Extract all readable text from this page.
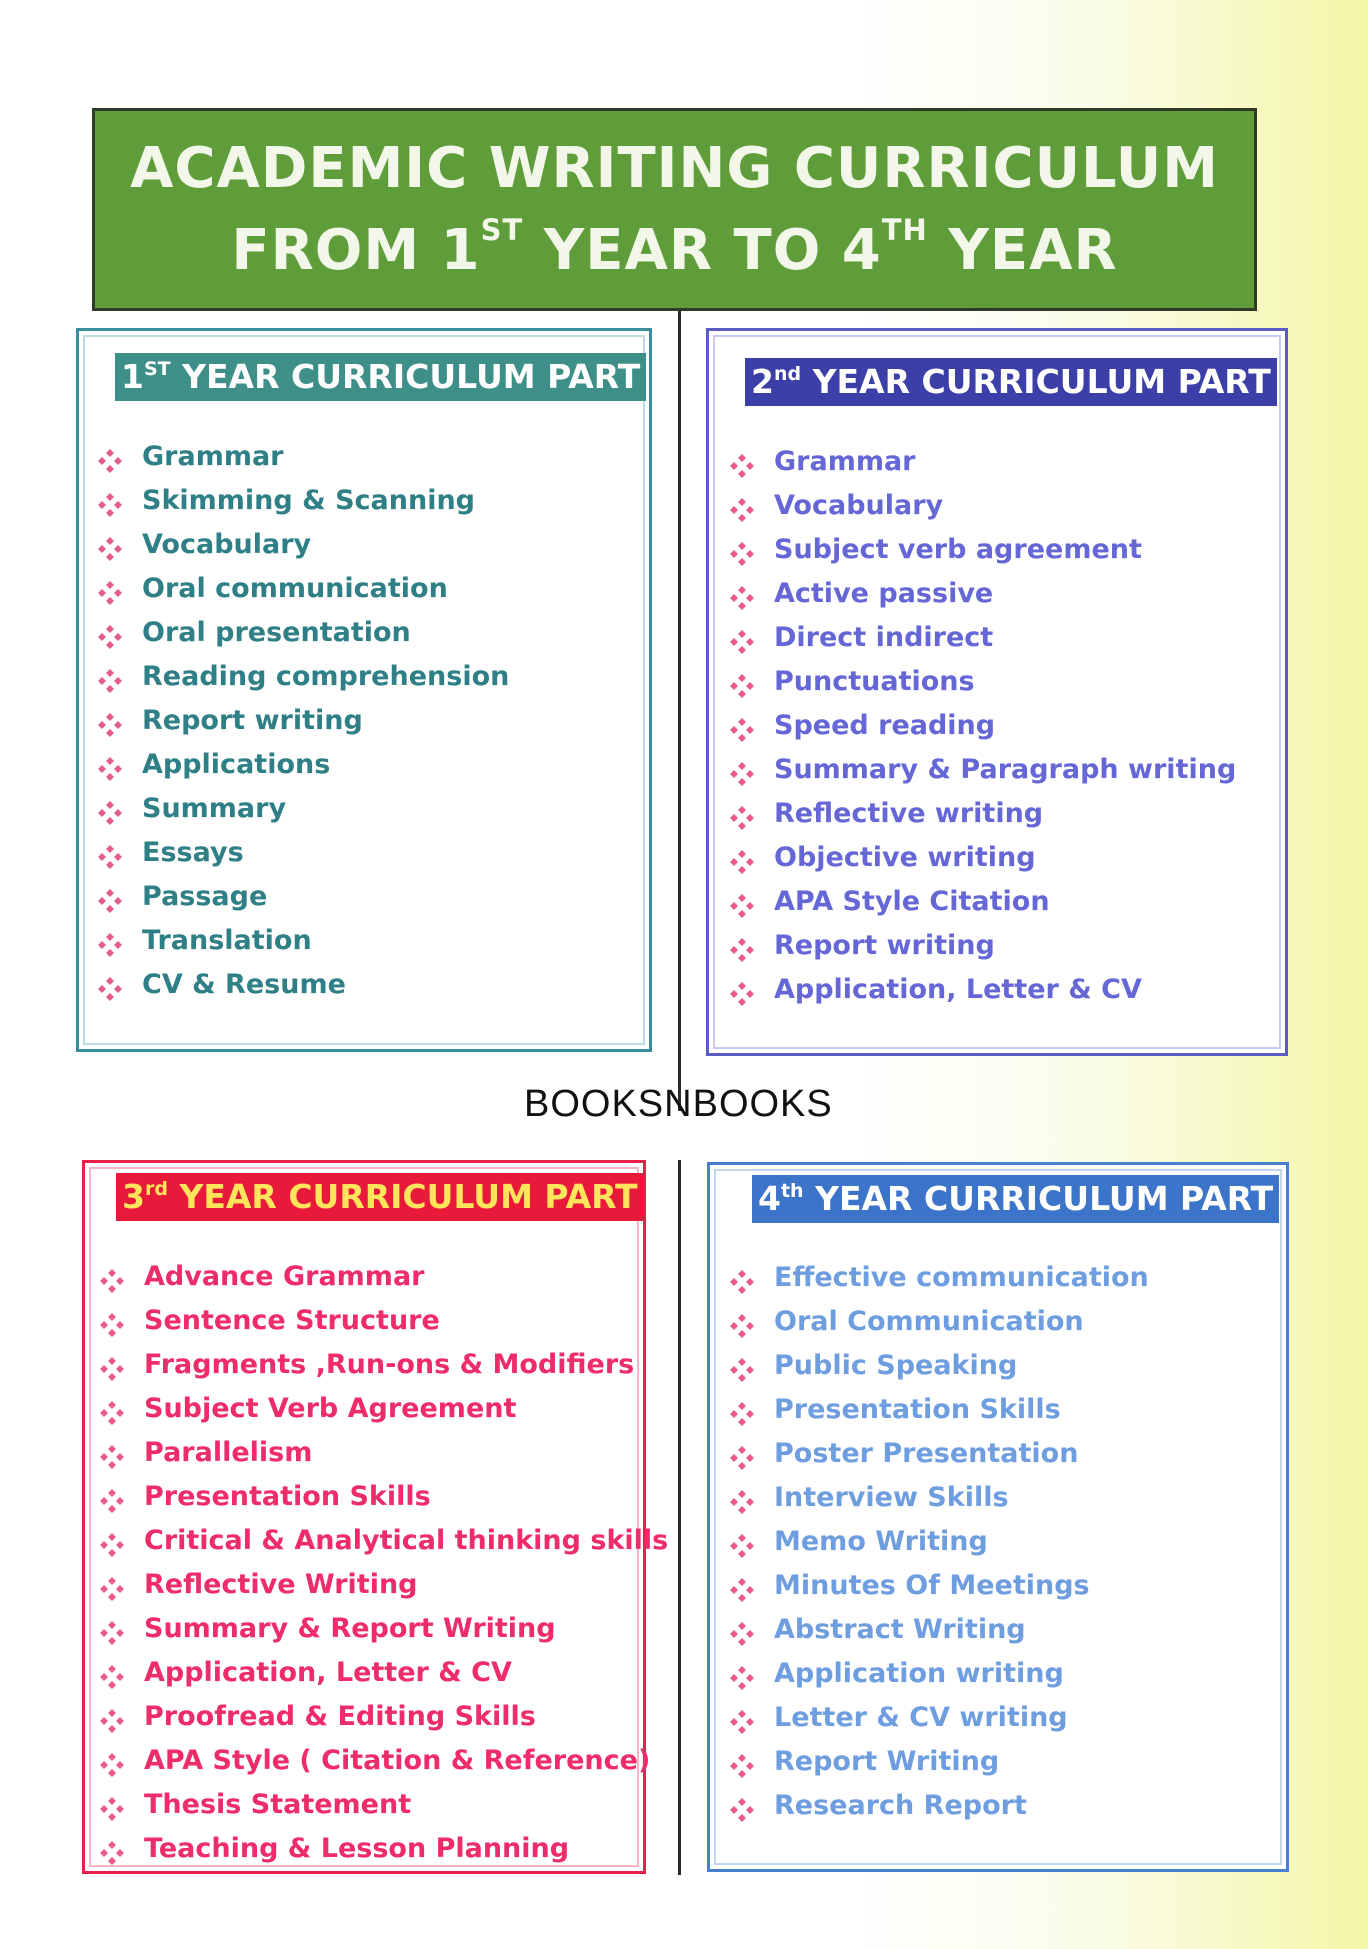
ACADEMIC WRITING CURRICULUM
FROM 1ST YEAR TO 4TH YEAR
BOOKSNBOOKS
1ST YEAR CURRICULUM PART
Grammar
Skimming & Scanning
Vocabulary
Oral communication
Oral presentation
Reading comprehension
Report writing
Applications
Summary
Essays
Passage
Translation
CV & Resume
2nd YEAR CURRICULUM PART
Grammar
Vocabulary
Subject verb agreement
Active passive
Direct indirect
Punctuations
Speed reading
Summary & Paragraph writing
Reflective writing
Objective writing
APA Style Citation
Report writing
Application, Letter & CV
3rd YEAR CURRICULUM PART
Advance Grammar
Sentence Structure
Fragments ,Run-ons & Modifiers
Subject Verb Agreement
Parallelism
Presentation Skills
Critical & Analytical thinking skills
Reflective Writing
Summary & Report Writing
Application, Letter & CV
Proofread & Editing Skills
APA Style ( Citation & Reference)
Thesis Statement
Teaching & Lesson Planning
4th YEAR CURRICULUM PART
Effective communication
Oral Communication
Public Speaking
Presentation Skills
Poster Presentation
Interview Skills
Memo Writing
Minutes Of Meetings
Abstract Writing
Application writing
Letter & CV writing
Report Writing
Research Report
